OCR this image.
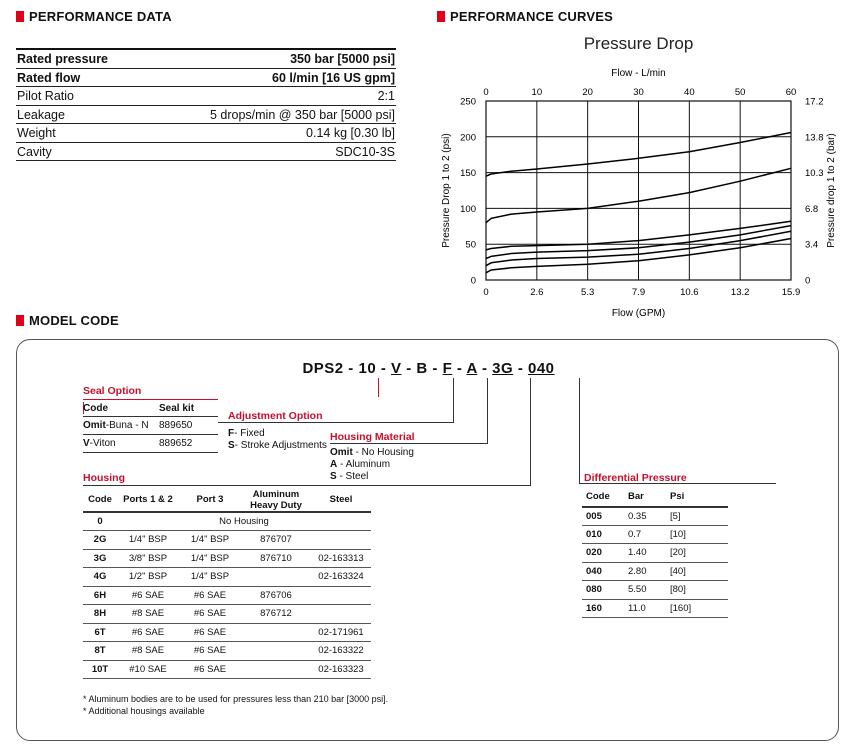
PERFORMANCE DATA	PERFORMANCE CURVES
MODEL CODE
Rated pressure	350 bar [5000 psi]
Rated flow	60 l/min [16 US gpm]
Pilot Ratio	2:1
Leakage	5 drops/min @ 350 bar [5000 psi]
Weight	0.14 kg [0.30 lb]
Cavity	SDC10-3S
Pressure Drop
Flow - L/min
0
0
10
2.6
20
5.3
30
7.9
40
10.6
50
13.2
60
15.9
0	0
50	3.4
100	6.8
150	10.3
200	13.8
250	17.2
Flow (GPM)
Pressure Drop 1 to 2 (psi)	Pressure drop 1 to 2 (bar)
DPS2 - 10 - V - B - F - A - 3G - 040
Seal Option
Code	Seal kit
Omit-Buna - N 889650
V-Viton	889652
Adjustment Option
F- Fixed
S- Stroke Adjustments
Housing Material
Omit - No Housing
A - Aluminum
S - Steel
Housing
Code	Ports 1 & 2	Port 3	Aluminum Heavy Duty	Steel
0	No Housing			
2G	1/4" BSP	1/4" BSP	876707	
3G	3/8" BSP	1/4" BSP	876710	02-163313
4G	1/2" BSP	1/4" BSP		02-163324
6H	#6 SAE	#6 SAE	876706	
8H	#8 SAE	#6 SAE	876712	
6T	#6 SAE	#6 SAE		02-171961
8T	#8 SAE	#6 SAE		02-163322
10T	#10 SAE	#6 SAE		02-163323
* Aluminum bodies are to be used for pressures less than 210 bar [3000 psi].
* Additional housings available
Differential Pressure
Code	Bar	Psi
005	0.35	[5]
010	0.7	[10]
020	1.40	[20]
040	2.80	[40]
080	5.50	[80]
160	11.0	[160]
